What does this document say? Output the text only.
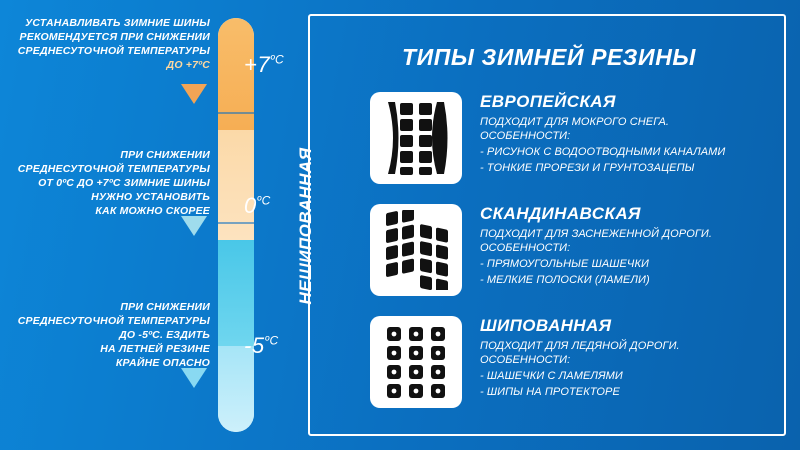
$+7^{ºС}$
$0^{ºС}$
$-5^{ºС}$
УСТАНАВЛИВАТЬ ЗИМНИЕ ШИНЫ
РЕКОМЕНДУЕТСЯ ПРИ СНИЖЕНИИ
СРЕДНЕСУТОЧНОЙ ТЕМПЕРАТУРЫ
ДО +7ºС
ПРИ СНИЖЕНИИ
СРЕДНЕСУТОЧНОЙ ТЕМПЕРАТУРЫ
ОТ 0ºС ДО +7ºС ЗИМНИЕ ШИНЫ
НУЖНО УСТАНОВИТЬ
КАК МОЖНО СКОРЕЕ
ПРИ СНИЖЕНИИ
СРЕДНЕСУТОЧНОЙ ТЕМПЕРАТУРЫ
ДО -5ºС. ЕЗДИТЬ
НА ЛЕТНЕЙ РЕЗИНЕ
КРАЙНЕ ОПАСНО
ТИПЫ ЗИМНЕЙ РЕЗИНЫ
НЕШИПОВАННАЯ
ЕВРОПЕЙСКАЯ
ПОДХОДИТ ДЛЯ МОКРОГО СНЕГА.
ОСОБЕННОСТИ:
- РИСУНОК С ВОДООТВОДНЫМИ КАНАЛАМИ
- ТОНКИЕ ПРОРЕЗИ И ГРУНТОЗАЦЕПЫ
СКАНДИНАВСКАЯ
ПОДХОДИТ ДЛЯ ЗАСНЕЖЕННОЙ ДОРОГИ.
ОСОБЕННОСТИ:
- ПРЯМОУГОЛЬНЫЕ ШАШЕЧКИ
- МЕЛКИЕ ПОЛОСКИ (ЛАМЕЛИ)
ШИПОВАННАЯ
ПОДХОДИТ ДЛЯ ЛЕДЯНОЙ ДОРОГИ.
ОСОБЕННОСТИ:
- ШАШЕЧКИ С ЛАМЕЛЯМИ
- ШИПЫ НА ПРОТЕКТОРЕ
